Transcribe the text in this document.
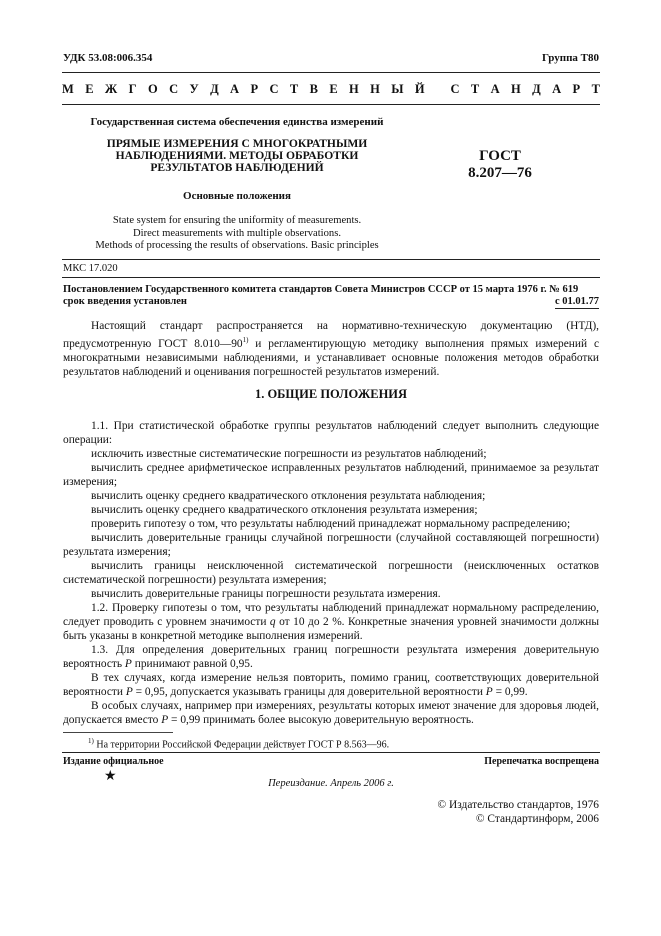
УДК 53.08:006.354	Группа Т80
М Е Ж Г О С У Д А Р С Т В Е Н Н Ы Й
С Т А Н Д А Р Т
Государственная система обеспечения единства измерений
ПРЯМЫЕ ИЗМЕРЕНИЯ С МНОГОКРАТНЫМИ
НАБЛЮДЕНИЯМИ. МЕТОДЫ ОБРАБОТКИ
РЕЗУЛЬТАТОВ НАБЛЮДЕНИЙ
ГОСТ
8.207—76
Основные положения
State system for ensuring the uniformity of measurements.
Direct measurements with multiple observations.
Methods of processing the results of observations. Basic principles
МКС 17.020
Постановлением Государственного комитета стандартов Совета Министров СССР от 15 марта 1976 г. № 619
срок введения установлен	с 01.01.77

Настоящий стандарт распространяется на нормативно-техническую документацию (НТД), предусмотренную ГОСТ 8.010—90$^{1)}$ и регламентирующую методику выполнения прямых измерений с многократными независимыми наблюдениями, и устанавливает основные положения методов обработки результатов наблюдений и оценивания погрешностей результатов измерений.

1. ОБЩИЕ ПОЛОЖЕНИЯ

1.1. При статистической обработке группы результатов наблюдений следует выполнить следующие операции:

исключить известные систематические погрешности из результатов наблюдений;

вычислить среднее арифметическое исправленных результатов наблюдений, принимаемое за результат измерения;

вычислить оценку среднего квадратического отклонения результата наблюдения;

вычислить оценку среднего квадратического отклонения результата измерения;

проверить гипотезу о том, что результаты наблюдений принадлежат нормальному распределению;

вычислить доверительные границы случайной погрешности (случайной составляющей погрешности) результата измерения;

вычислить границы неисключенной систематической погрешности (неисключенных остатков систематической погрешности) результата измерения;

вычислить доверительные границы погрешности результата измерения.

1.2. Проверку гипотезы о том, что результаты наблюдений принадлежат нормальному распределению, следует проводить с уровнем значимости q от 10 до 2 %. Конкретные значения уровней значимости должны быть указаны в конкретной методике выполнения измерений.

1.3. Для определения доверительных границ погрешности результата измерения доверительную вероятность P принимают равной 0,95.

В тех случаях, когда измерение нельзя повторить, помимо границ, соответствующих доверительной вероятности P = 0,95, допускается указывать границы для доверительной вероятности P = 0,99.

В особых случаях, например при измерениях, результаты которых имеют значение для здоровья людей, допускается вместо P = 0,99 принимать более высокую доверительную вероятность.

$^{1)}$ На территории Российской Федерации действует ГОСТ Р 8.563—96.
Издание официальное	Перепечатка воспрещена
★	Переиздание. Апрель 2006 г.
© Издательство стандартов, 1976
© Стандартинформ, 2006
